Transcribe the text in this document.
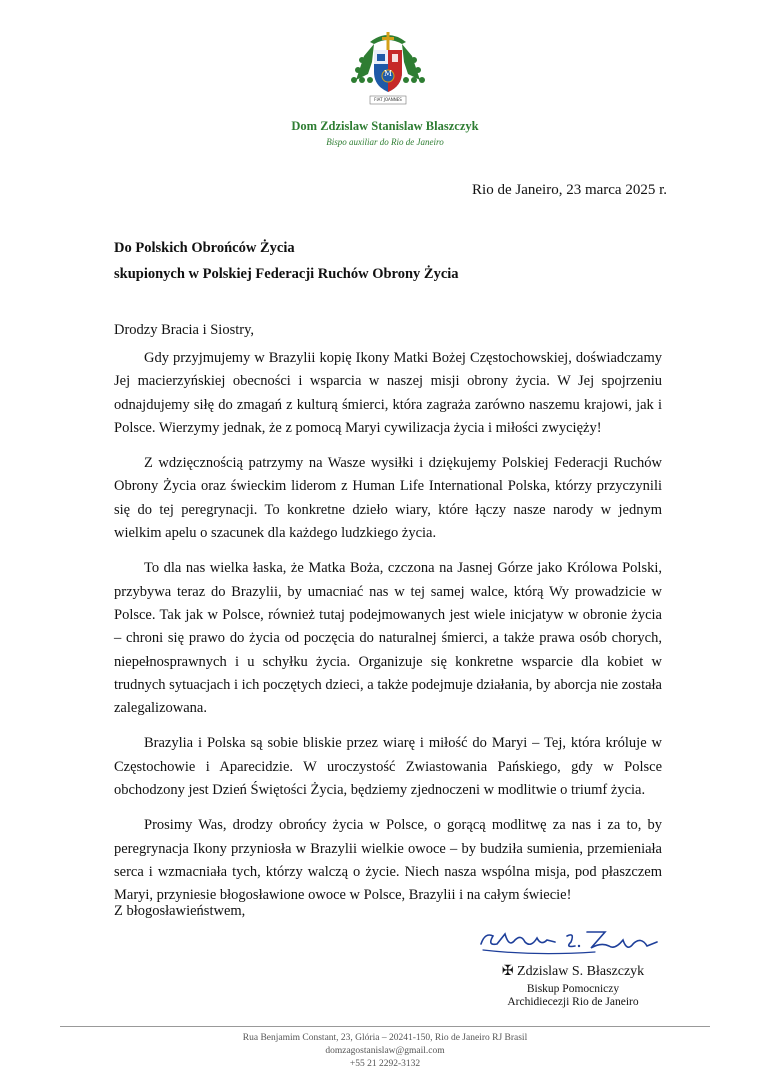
M
FIAT JOANNES
Dom Zdzislaw Stanislaw Blaszczyk
Bispo auxiliar do Rio de Janeiro
Rio de Janeiro, 23 marca 2025 r.
Do Polskich Obrońców Życia
skupionych w Polskiej Federacji Ruchów Obrony Życia
Drodzy Bracia i Siostry,

Gdy przyjmujemy w Brazylii kopię Ikony Matki Bożej Częstochowskiej, doświadczamy Jej macierzyńskiej obecności i wsparcia w naszej misji obrony życia. W Jej spojrzeniu odnajdujemy siłę do zmagań z kulturą śmierci, która zagraża zarówno naszemu krajowi, jak i Polsce. Wierzymy jednak, że z pomocą Maryi cywilizacja życia i miłości zwycięży!

Z wdzięcznością patrzymy na Wasze wysiłki i dziękujemy Polskiej Federacji Ruchów Obrony Życia oraz świeckim liderom z Human Life International Polska, którzy przyczynili się do tej peregrynacji. To konkretne dzieło wiary, które łączy nasze narody w jednym wielkim apelu o szacunek dla każdego ludzkiego życia.

To dla nas wielka łaska, że Matka Boża, czczona na Jasnej Górze jako Królowa Polski, przybywa teraz do Brazylii, by umacniać nas w tej samej walce, którą Wy prowadzicie w Polsce. Tak jak w Polsce, również tutaj podejmowanych jest wiele inicjatyw w obronie życia – chroni się prawo do życia od poczęcia do naturalnej śmierci, a także prawa osób chorych, niepełnosprawnych i u schyłku życia. Organizuje się konkretne wsparcie dla kobiet w trudnych sytuacjach i ich poczętych dzieci, a także podejmuje działania, by aborcja nie została zalegalizowana.

Brazylia i Polska są sobie bliskie przez wiarę i miłość do Maryi – Tej, która króluje w Częstochowie i Aparecidzie. W uroczystość Zwiastowania Pańskiego, gdy w Polsce obchodzony jest Dzień Świętości Życia, będziemy zjednoczeni w modlitwie o triumf życia.

Prosimy Was, drodzy obrońcy życia w Polsce, o gorącą modlitwę za nas i za to, by peregrynacja Ikony przyniosła w Brazylii wielkie owoce – by budziła sumienia, przemieniała serca i wzmacniała tych, którzy walczą o życie. Niech nasza wspólna misja, pod płaszczem Maryi, przyniesie błogosławione owoce w Polsce, Brazylii i na całym świecie!

Z błogosławieństwem,
✠ Zdzislaw S. Błaszczyk
Biskup Pomocniczy
Archidiecezji Rio de Janeiro
Rua Benjamim Constant, 23, Glória – 20241-150, Rio de Janeiro RJ Brasil
domzagostanislaw@gmail.com
+55 21 2292-3132
